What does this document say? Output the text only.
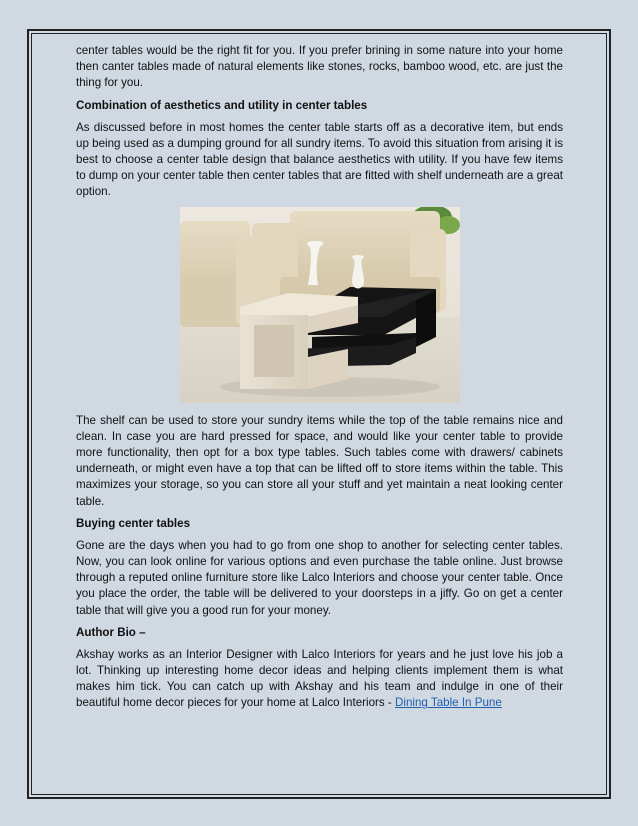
center tables would be the right fit for you. If you prefer brining in some nature into your home then canter tables made of natural elements like stones, rocks, bamboo wood, etc. are just the thing for you.

Combination of aesthetics and utility in center tables

As discussed before in most homes the center table starts off as a decorative item, but ends up being used as a dumping ground for all sundry items. To avoid this situation from arising it is best to choose a center table design that balance aesthetics with utility. If you have few items to dump on your center table then center tables that are fitted with shelf underneath are a great option.

The shelf can be used to store your sundry items while the top of the table remains nice and clean. In case you are hard pressed for space, and would like your center table to provide more functionality, then opt for a box type tables. Such tables come with drawers/ cabinets underneath, or might even have a top that can be lifted off to store items within the table. This maximizes your storage, so you can store all your stuff and yet maintain a neat looking center table.

Buying center tables

Gone are the days when you had to go from one shop to another for selecting center tables. Now, you can look online for various options and even purchase the table online. Just browse through a reputed online furniture store like Lalco Interiors and choose your center table. Once you place the order, the table will be delivered to your doorsteps in a jiffy. Go on get a center table that will give you a good run for your money.

Author Bio –

Akshay works as an Interior Designer with Lalco Interiors for years and he just love his job a lot. Thinking up interesting home decor ideas and helping clients implement them is what makes him tick. You can catch up with Akshay and his team and indulge in one of their beautiful home decor pieces for your home at Lalco Interiors - Dining Table In Pune
